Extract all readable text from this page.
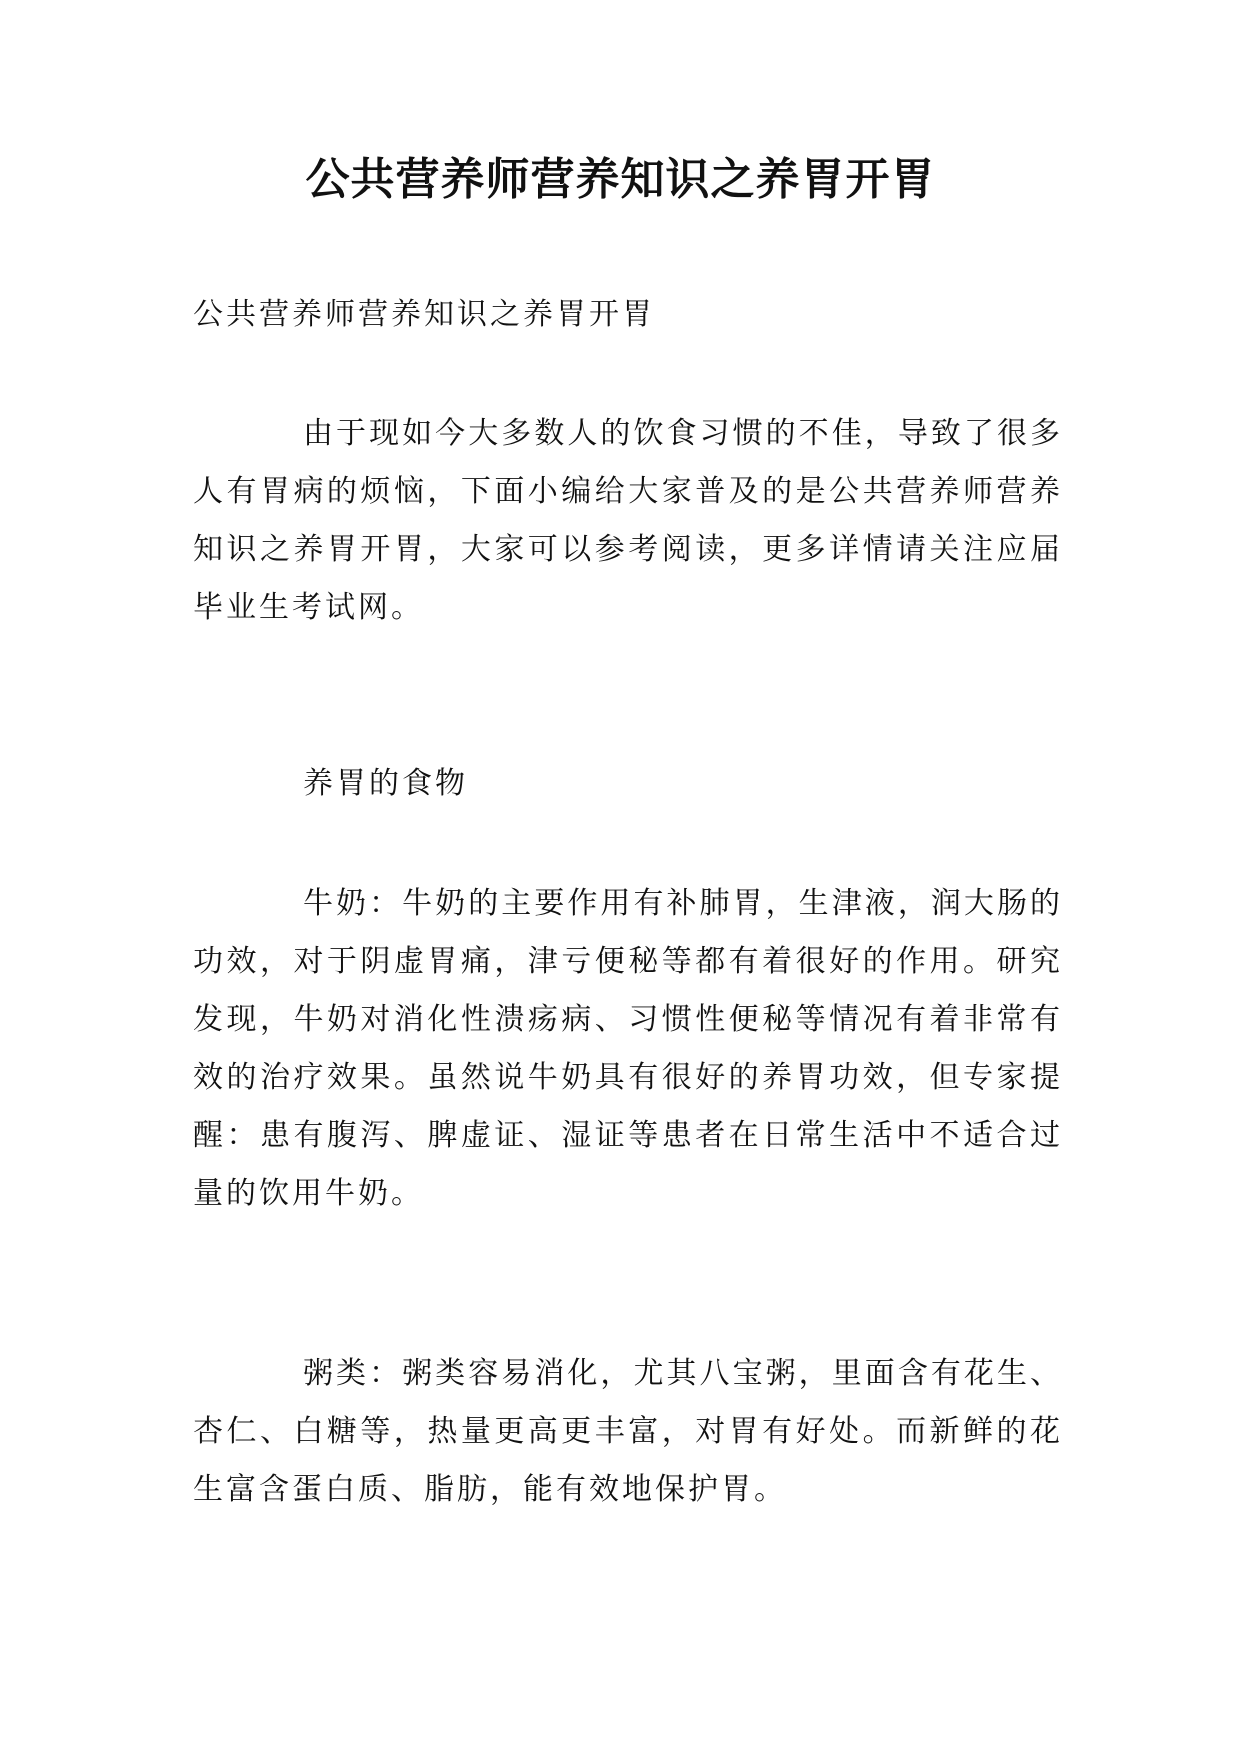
公共营养师营养知识之养胃开胃

公共营养师营养知识之养胃开胃

由于现如今大多数人的饮食习惯的不佳，导致了很多人有胃病的烦恼，下面小编给大家普及的是公共营养师营养知识之养胃开胃，大家可以参考阅读，更多详情请关注应届毕业生考试网。

养胃的食物

牛奶：牛奶的主要作用有补肺胃，生津液，润大肠的功效，对于阴虚胃痛，津亏便秘等都有着很好的作用。研究发现，牛奶对消化性溃疡病、习惯性便秘等情况有着非常有效的治疗效果。虽然说牛奶具有很好的养胃功效，但专家提醒：患有腹泻、脾虚证、湿证等患者在日常生活中不适合过量的饮用牛奶。

粥类：粥类容易消化，尤其八宝粥，里面含有花生、杏仁、白糖等，热量更高更丰富，对胃有好处。而新鲜的花生富含蛋白质、脂肪，能有效地保护胃。
